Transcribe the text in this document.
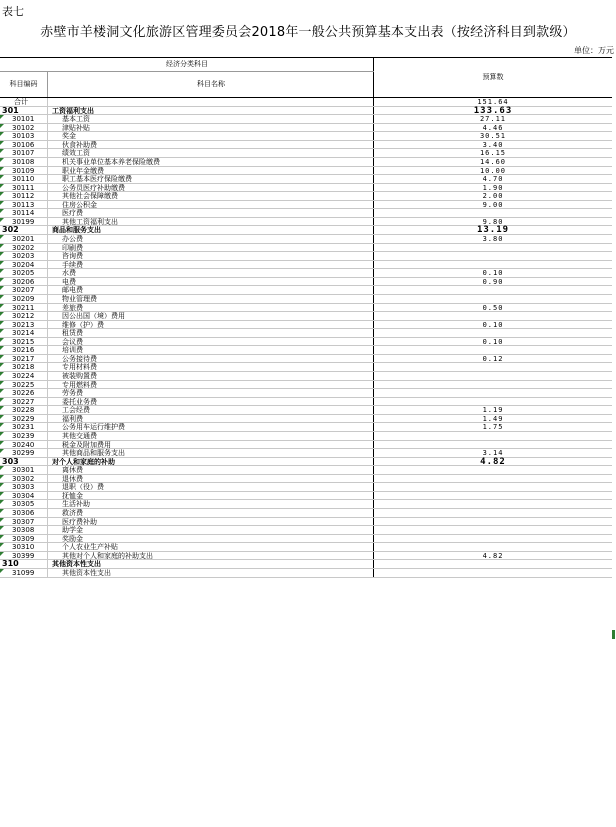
表七
赤壁市羊楼洞文化旅游区管理委员会2018年一般公共预算基本支出表（按经济科目到款级）
单位：万元
经济分类科目
科目编码	科目名称
预算数
合计	151.64
301	工资福利支出	133.63
30101	基本工资	27.11
30102	津贴补贴	4.46
30103	奖金	30.51
30106	伙食补助费	3.40
30107	绩效工资	16.15
30108	机关事业单位基本养老保险缴费	14.60
30109	职业年金缴费	10.00
30110	职工基本医疗保险缴费	4.70
30111	公务员医疗补助缴费	1.90
30112	其他社会保障缴费	2.00
30113	住房公积金	9.00
30114	医疗费
30199	其他工资福利支出	9.80
302	商品和服务支出	13.19
30201	办公费	3.80
30202	印刷费
30203	咨询费
30204	手续费
30205	水费	0.10
30206	电费	0.90
30207	邮电费
30209	物业管理费
30211	差旅费	0.50
30212	因公出国（境）费用
30213	维修（护）费	0.10
30214	租赁费
30215	会议费	0.10
30216	培训费
30217	公务接待费	0.12
30218	专用材料费
30224	被装购置费
30225	专用燃料费
30226	劳务费
30227	委托业务费
30228	工会经费	1.19
30229	福利费	1.49
30231	公务用车运行维护费	1.75
30239	其他交通费
30240	税金及附加费用
30299	其他商品和服务支出	3.14
303	对个人和家庭的补助	4.82
30301	离休费
30302	退休费
30303	退职（役）费
30304	抚恤金
30305	生活补助
30306	救济费
30307	医疗费补助
30308	助学金
30309	奖励金
30310	个人农业生产补贴
30399	其他对个人和家庭的补助支出	4.82
310	其他资本性支出
31099	其他资本性支出
